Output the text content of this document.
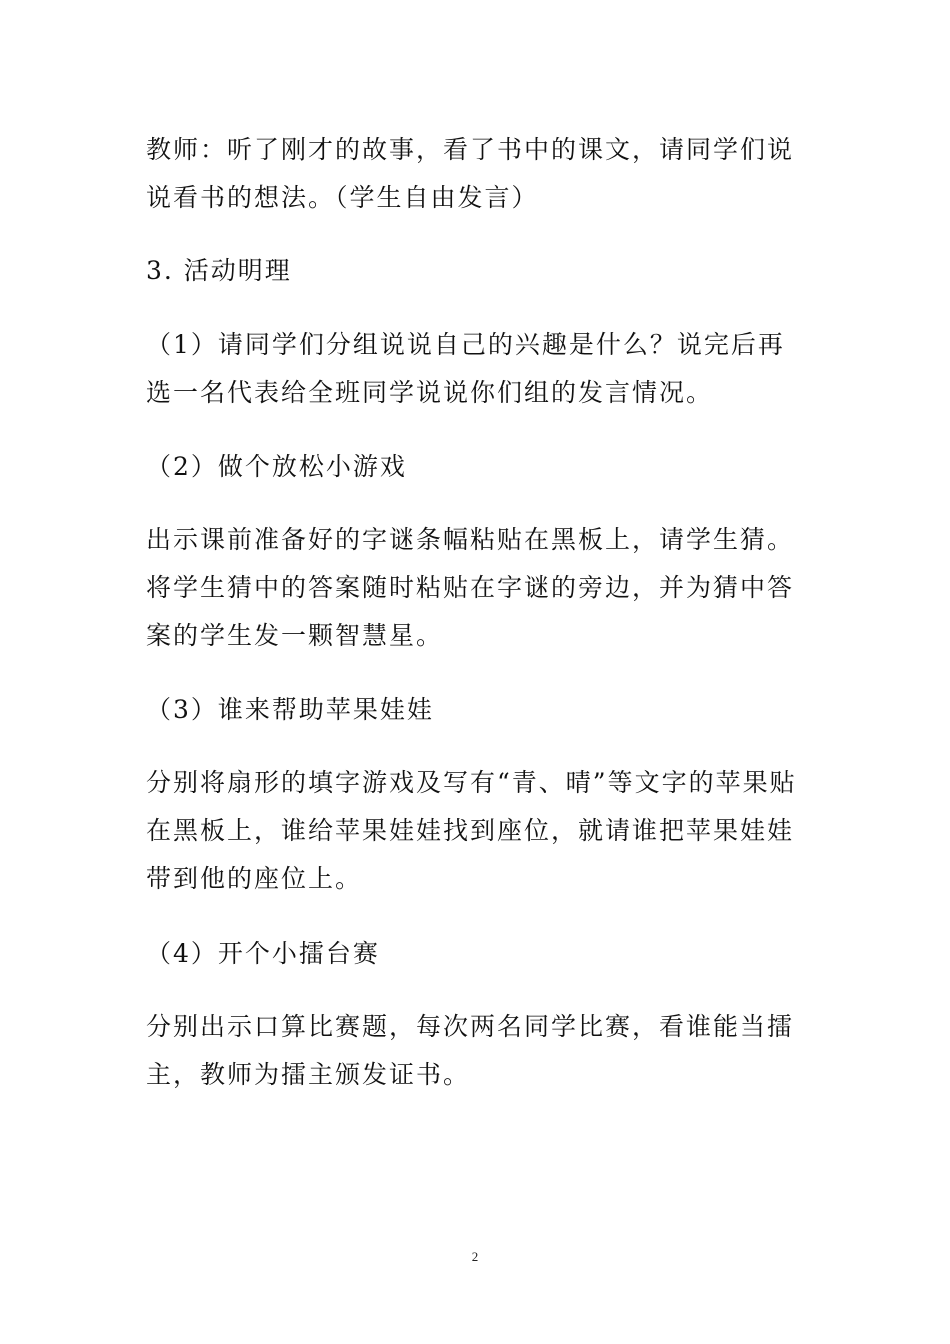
教师：听了刚才的故事，看了书中的课文，请同学们说说看书的想法。（学生自由发言）

3. 活动明理

（1）请同学们分组说说自己的兴趣是什么？说完后再选一名代表给全班同学说说你们组的发言情况。

（2）做个放松小游戏

出示课前准备好的字谜条幅粘贴在黑板上，请学生猜。将学生猜中的答案随时粘贴在字谜的旁边，并为猜中答案的学生发一颗智慧星。

（3）谁来帮助苹果娃娃

分别将扇形的填字游戏及写有“青、晴”等文字的苹果贴在黑板上，谁给苹果娃娃找到座位，就请谁把苹果娃娃带到他的座位上。

（4）开个小擂台赛

分别出示口算比赛题，每次两名同学比赛，看谁能当擂主，教师为擂主颁发证书。

2
